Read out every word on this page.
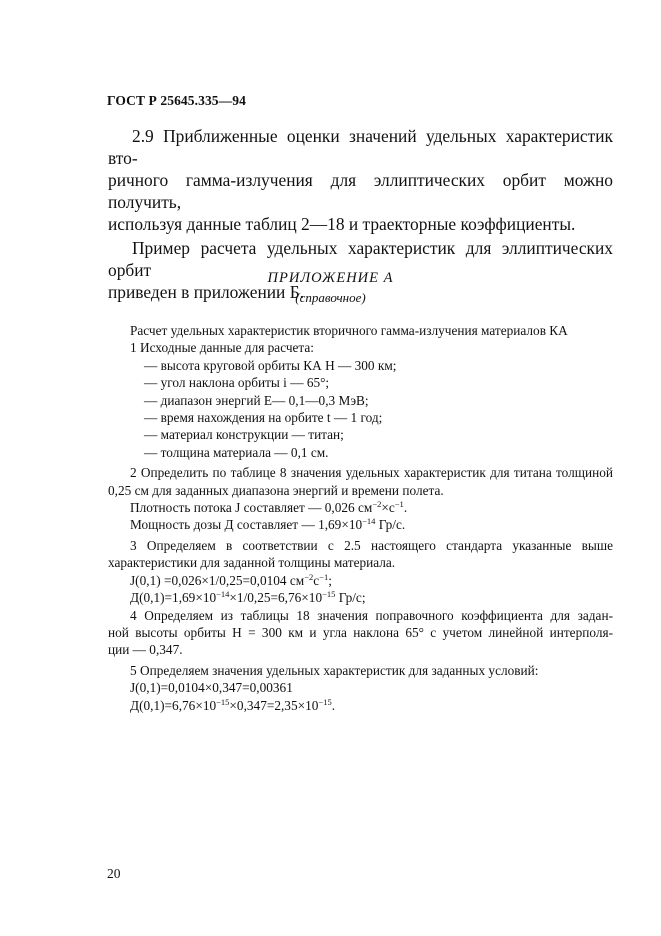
ГОСТ Р 25645.335—94

2.9 Приближенные оценки значений удельных характеристик вто-
ричного гамма-излучения для эллиптических орбит можно получить,
используя данные таблиц 2—18 и траекторные коэффициенты.

Пример расчета удельных характеристик для эллиптических орбит
приведен в приложении Б.

ПРИЛОЖЕНИЕ А
(справочное)
Расчет удельных характеристик вторичного гамма-излучения материалов КА
1 Исходные данные для расчета:
— высота круговой орбиты КА Н — 300 км;
— угол наклона орбиты i — 65°;
— диапазон энергий Е— 0,1—0,3 МэВ;
— время нахождения на орбите t — 1 год;
— материал конструкции — титан;
— толщина материала — 0,1 см.
2 Определить по таблице 8 значения удельных характеристик для титана толщиной
0,25 см для заданных диапазона энергий и времени полета.
Плотность потока J составляет — 0,026 $см^{-2}\times с^{-1}$.
Мощность дозы Д составляет — $1,69\times 10^{-14}$ Гр/с.
3 Определяем в соответствии с 2.5 настоящего стандарта указанные выше
характеристики для заданной толщины материала.
J(0,1) =0,026×1/0,25=0,0104 $см^{-2}с^{-1}$;
$Д(0,1)=1,69\times 10^{-14}\times 1/0,25=6,76\times 10^{-15}$ Гр/с;
4 Определяем из таблицы 18 значения поправочного коэффициента для задан-
ной высоты орбиты Н = 300 км и угла наклона 65° с учетом линейной интерполя-
ции — 0,347.
5 Определяем значения удельных характеристик для заданных условий:
J(0,1)=0,0104×0,347=0,00361
$Д(0,1)=6,76\times 10^{-15}\times 0,347=2,35\times 10^{-15}$.
20
